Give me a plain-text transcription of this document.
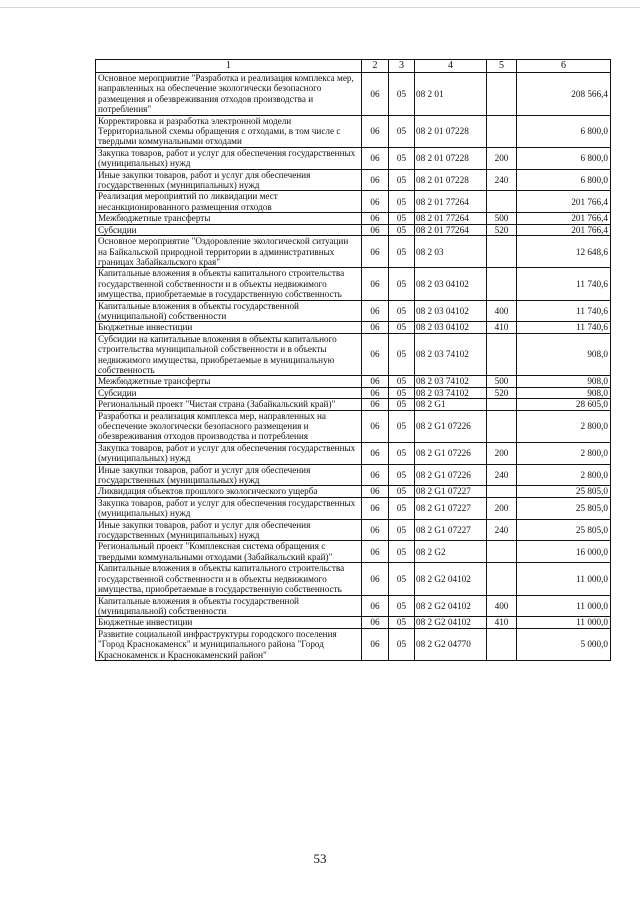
1	2	3	4	5	6
Основное мероприятие "Разработка и реализация комплекса мер, направленных на обеспечение экологически безопасного размещения и обезвреживания отходов производства и потребления"	06	05	08 2 01		208 566,4
Корректировка и разработка электронной модели Территориальной схемы обращения с отходами, в том числе с твердыми коммунальными отходами	06	05	08 2 01 07228		6 800,0
Закупка товаров, работ и услуг для обеспечения государственных (муниципальных) нужд	06	05	08 2 01 07228	200	6 800,0
Иные закупки товаров, работ и услуг для обеспечения государственных (муниципальных) нужд	06	05	08 2 01 07228	240	6 800,0
Реализация мероприятий по ликвидации мест несанкционированного размещения отходов	06	05	08 2 01 77264		201 766,4
Межбюджетные трансферты	06	05	08 2 01 77264	500	201 766,4
Субсидии	06	05	08 2 01 77264	520	201 766,4
Основное мероприятие "Оздоровление экологической ситуации на Байкальской природной территории в административных границах Забайкальского края"	06	05	08 2 03		12 648,6
Капитальные вложения в объекты капитального строительства государственной собственности и в объекты недвижимого имущества, приобретаемые в государственную собственность	06	05	08 2 03 04102		11 740,6
Капитальные вложения в объекты государственной (муниципальной) собственности	06	05	08 2 03 04102	400	11 740,6
Бюджетные инвестиции	06	05	08 2 03 04102	410	11 740,6
Субсидии на капитальные вложения в объекты капитального строительства муниципальной собственности и в объекты недвижимого имущества, приобретаемые в муниципальную собственность	06	05	08 2 03 74102		908,0
Межбюджетные трансферты	06	05	08 2 03 74102	500	908,0
Субсидии	06	05	08 2 03 74102	520	908,0
Региональный проект "Чистая страна (Забайкальский край)"	06	05	08 2 G1		28 605,0
Разработка и реализация комплекса мер, направленных на обеспечение экологически безопасного размещения и обезвреживания отходов производства и потребления	06	05	08 2 G1 07226		2 800,0
Закупка товаров, работ и услуг для обеспечения государственных (муниципальных) нужд	06	05	08 2 G1 07226	200	2 800,0
Иные закупки товаров, работ и услуг для обеспечения государственных (муниципальных) нужд	06	05	08 2 G1 07226	240	2 800,0
Ликвидация объектов прошлого экологического ущерба	06	05	08 2 G1 07227		25 805,0
Закупка товаров, работ и услуг для обеспечения государственных (муниципальных) нужд	06	05	08 2 G1 07227	200	25 805,0
Иные закупки товаров, работ и услуг для обеспечения государственных (муниципальных) нужд	06	05	08 2 G1 07227	240	25 805,0
Региональный проект "Комплексная система обращения с твердыми коммунальными отходами (Забайкальский край)"	06	05	08 2 G2		16 000,0
Капитальные вложения в объекты капитального строительства государственной собственности и в объекты недвижимого имущества, приобретаемые в государственную собственность	06	05	08 2 G2 04102		11 000,0
Капитальные вложения в объекты государственной (муниципальной) собственности	06	05	08 2 G2 04102	400	11 000,0
Бюджетные инвестиции	06	05	08 2 G2 04102	410	11 000,0
Развитие социальной инфраструктуры городского поселения "Город Краснокаменск" и муниципального района "Город Краснокаменск и Краснокаменский район"	06	05	08 2 G2 04770		5 000,0
53
